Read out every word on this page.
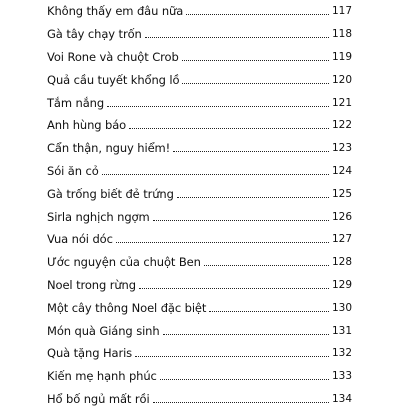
Không thấy em đâu nữa	117
Gà tây chạy trốn	118
Voi Rone và chuột Crob	119
Quả cầu tuyết khổng lồ	120
Tắm nắng	121
Anh hùng báo	122
Cẩn thận, nguy hiểm!	123
Sói ăn cỏ	124
Gà trống biết đẻ trứng	125
Sirla nghịch ngợm	126
Vua nói dóc	127
Ước nguyện của chuột Ben	128
Noel trong rừng	129
Một cây thông Noel đặc biệt	130
Món quà Giáng sinh	131
Quà tặng Haris	132
Kiến mẹ hạnh phúc	133
Hổ bố ngủ mất rồi	134
